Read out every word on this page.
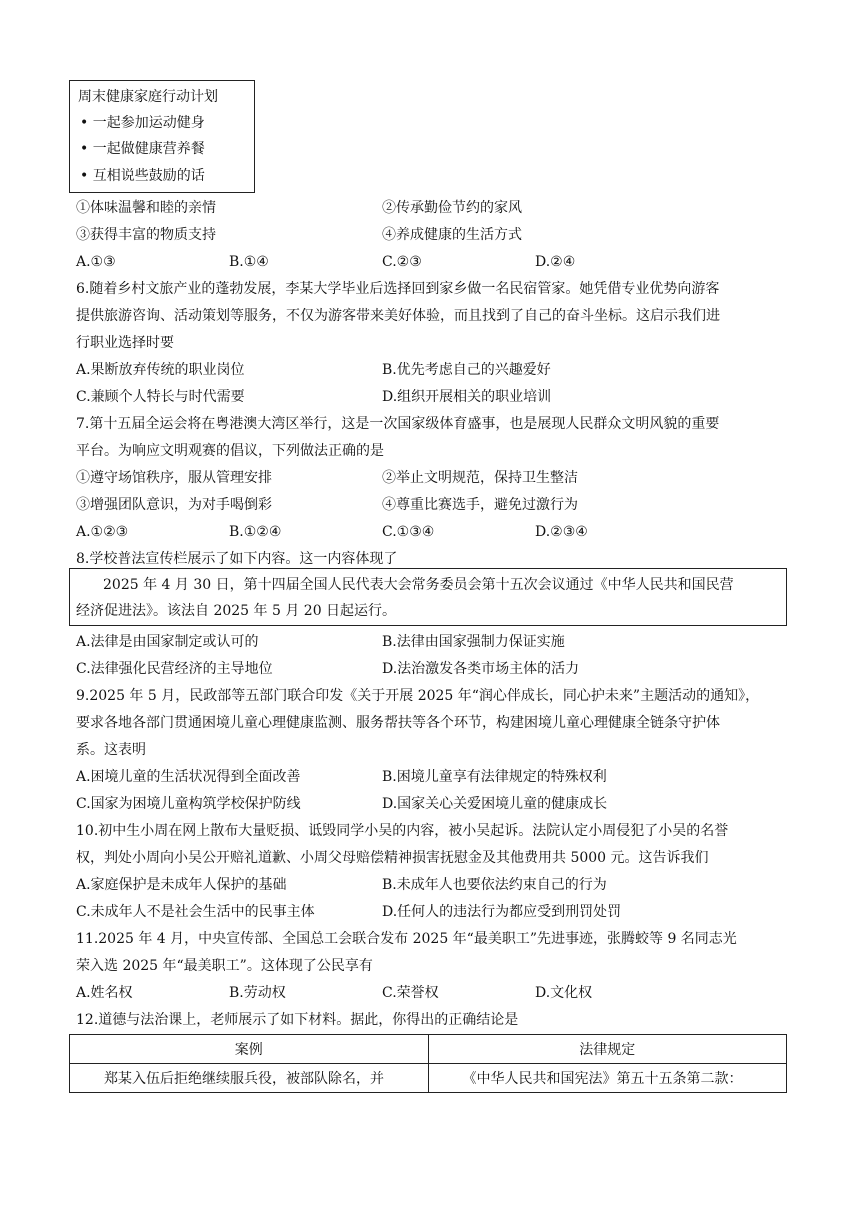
周末健康家庭行动计划
• 一起参加运动健身
• 一起做健康营养餐
• 互相说些鼓励的话
①体味温馨和睦的亲情	②传承勤俭节约的家风
③获得丰富的物质支持	④养成健康的生活方式
A.①③	B.①④	C.②③	D.②④
6.随着乡村文旅产业的蓬勃发展，李某大学毕业后选择回到家乡做一名民宿管家。她凭借专业优势向游客
提供旅游咨询、活动策划等服务，不仅为游客带来美好体验，而且找到了自己的奋斗坐标。这启示我们进
行职业选择时要
A.果断放弃传统的职业岗位	B.优先考虑自己的兴趣爱好
C.兼顾个人特长与时代需要	D.组织开展相关的职业培训
7.第十五届全运会将在粤港澳大湾区举行，这是一次国家级体育盛事，也是展现人民群众文明风貌的重要
平台。为响应文明观赛的倡议，下列做法正确的是
①遵守场馆秩序，服从管理安排	②举止文明规范，保持卫生整洁
③增强团队意识，为对手喝倒彩	④尊重比赛选手，避免过激行为
A.①②③	B.①②④	C.①③④	D.②③④
8.学校普法宣传栏展示了如下内容。这一内容体现了
2025 年 4 月 30 日，第十四届全国人民代表大会常务委员会第十五次会议通过《中华人民共和国民营
经济促进法》。该法自 2025 年 5 月 20 日起运行。
A.法律是由国家制定或认可的	B.法律由国家强制力保证实施
C.法律强化民营经济的主导地位	D.法治激发各类市场主体的活力
9.2025 年 5 月，民政部等五部门联合印发《关于开展 2025 年“润心伴成长，同心护未来”主题活动的通知》，
要求各地各部门贯通困境儿童心理健康监测、服务帮扶等各个环节，构建困境儿童心理健康全链条守护体
系。这表明
A.困境儿童的生活状况得到全面改善	B.困境儿童享有法律规定的特殊权利
C.国家为困境儿童构筑学校保护防线	D.国家关心关爱困境儿童的健康成长
10.初中生小周在网上散布大量贬损、诋毁同学小吴的内容，被小吴起诉。法院认定小周侵犯了小吴的名誉
权，判处小周向小吴公开赔礼道歉、小周父母赔偿精神损害抚慰金及其他费用共 5000 元。这告诉我们
A.家庭保护是未成年人保护的基础	B.未成年人也要依法约束自己的行为
C.未成年人不是社会生活中的民事主体	D.任何人的违法行为都应受到刑罚处罚
11.2025 年 4 月，中央宣传部、全国总工会联合发布 2025 年“最美职工”先进事迹，张腾蛟等 9 名同志光
荣入选 2025 年“最美职工”。这体现了公民享有
A.姓名权	B.劳动权	C.荣誉权	D.文化权
12.道德与法治课上，老师展示了如下材料。据此，你得出的正确结论是
案例	法律规定
郑某入伍后拒绝继续服兵役，被部队除名，并	《中华人民共和国宪法》第五十五条第二款：
